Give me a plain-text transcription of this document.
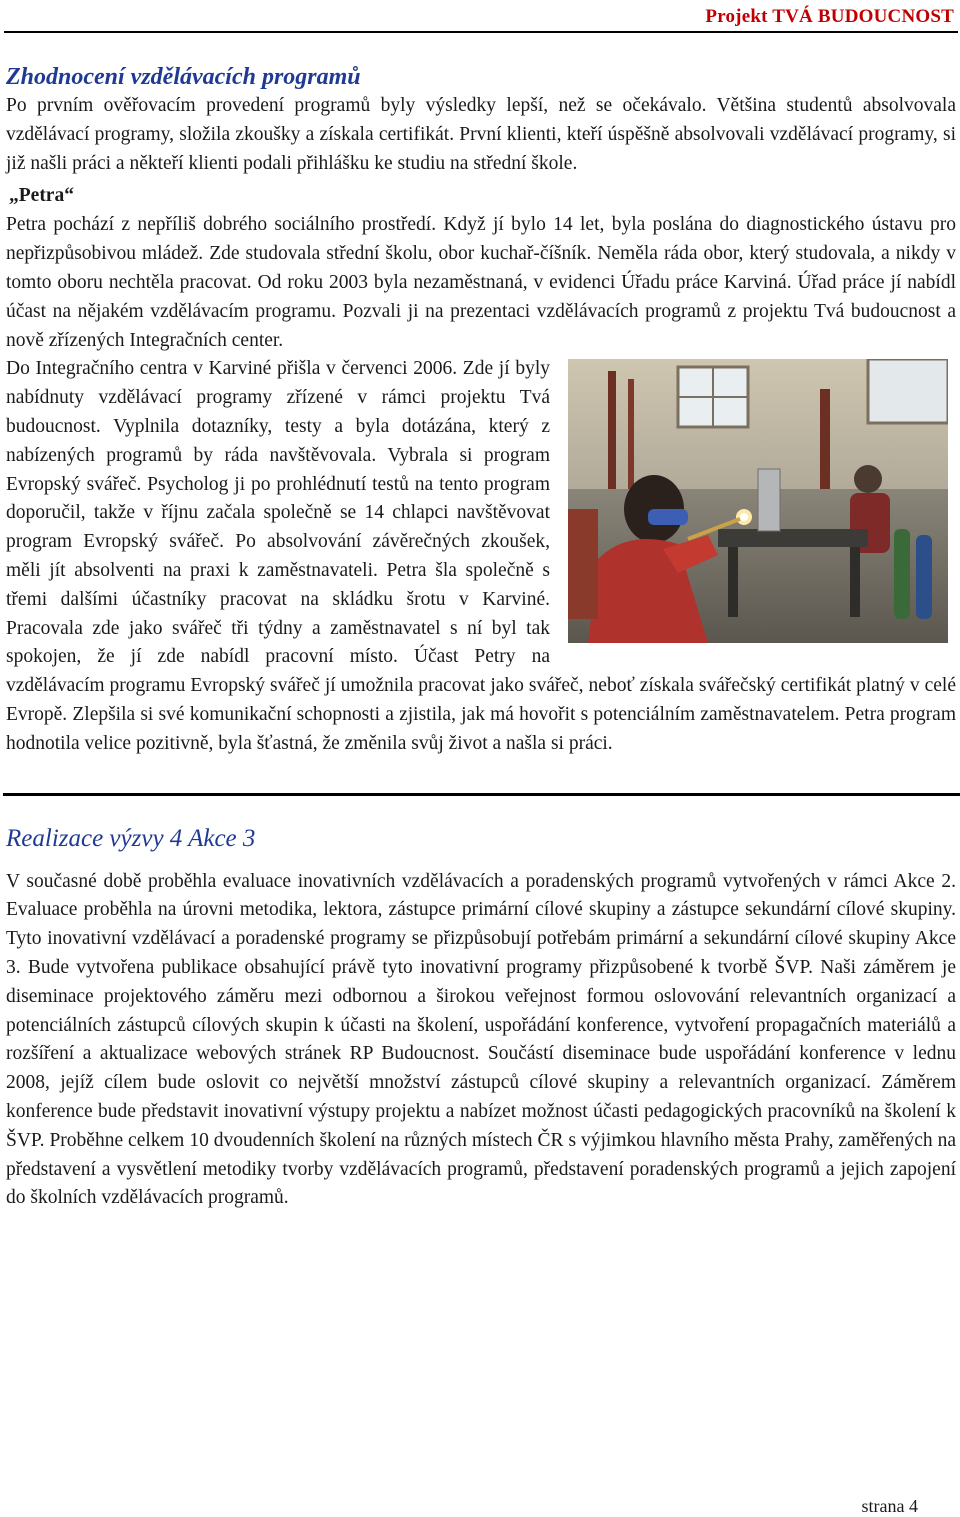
Projekt TVÁ BUDOUCNOST
Zhodnocení vzdělávacích programů

Po prvním ověřovacím provedení programů byly výsledky lepší, než se očekávalo. Většina studentů absolvovala vzdělávací programy, složila zkoušky a získala certifikát. První klienti, kteří úspěšně absolvovali vzdělávací programy, si již našli práci a někteří klienti podali přihlášku ke studiu na střední škole.

„Petra“

Petra pochází z nepříliš dobrého sociálního prostředí. Když jí bylo 14 let, byla poslána do diagnostického ústavu pro nepřizpůsobivou mládež. Zde studovala střední školu, obor kuchař-číšník. Neměla ráda obor, který studovala, a nikdy v tomto oboru nechtěla pracovat. Od roku 2003 byla nezaměstnaná, v evidenci Úřadu práce Karviná. Úřad práce jí nabídl účast na nějakém vzdělávacím programu. Pozvali ji na prezentaci vzdělávacích programů z projektu Tvá budoucnost a nově zřízených Integračních center.

Do Integračního centra v Karviné přišla v červenci 2006. Zde jí byly nabídnuty vzdělávací programy zřízené v rámci projektu Tvá budoucnost. Vyplnila dotazníky, testy a byla dotázána, který z nabízených programů by ráda navštěvovala. Vybrala si program Evropský svářeč. Psycholog ji po prohlédnutí testů na tento program doporučil, takže v říjnu začala společně se 14 chlapci navštěvovat program Evropský svářeč. Po absolvování závěrečných zkoušek, měli jít absolventi na praxi k zaměstnavateli. Petra šla společně s třemi dalšími účastníky pracovat na skládku šrotu v Karviné. Pracovala zde jako svářeč tři týdny a zaměstnavatel s ní byl tak spokojen, že jí zde nabídl pracovní místo. Účast Petry na vzdělávacím programu Evropský svářeč jí umožnila pracovat jako svářeč, neboť získala svářečský certifikát platný v celé Evropě. Zlepšila si své komunikační schopnosti a zjistila, jak má hovořit s potenciálním zaměstnavatelem. Petra program hodnotila velice pozitivně, byla šťastná, že změnila svůj život a našla si práci.

Realizace výzvy 4 Akce 3

V současné době proběhla evaluace inovativních vzdělávacích a poradenských programů vytvořených v rámci Akce 2. Evaluace proběhla na úrovni metodika, lektora, zástupce primární cílové skupiny a zástupce sekundární cílové skupiny. Tyto inovativní vzdělávací a poradenské programy se přizpůsobují potřebám primární a sekundární cílové skupiny Akce 3. Bude vytvořena publikace obsahující právě tyto inovativní programy přizpůsobené k tvorbě ŠVP. Naši záměrem je diseminace projektového záměru mezi odbornou a širokou veřejnost formou oslovování relevantních organizací a potenciálních zástupců cílových skupin k účasti na školení, uspořádání konference, vytvoření propagačních materiálů a rozšíření a aktualizace webových stránek RP Budoucnost. Součástí diseminace bude uspořádání konference v lednu 2008, jejíž cílem bude oslovit co největší množství zástupců cílové skupiny a relevantních organizací. Záměrem konference bude představit inovativní výstupy projektu a nabízet možnost účasti pedagogických pracovníků na školení k ŠVP. Proběhne celkem 10 dvoudenních školení na různých místech ČR s výjimkou hlavního města Prahy, zaměřených na představení a vysvětlení metodiky tvorby vzdělávacích programů, představení poradenských programů a jejich zapojení do školních vzdělávacích programů.

strana 4
